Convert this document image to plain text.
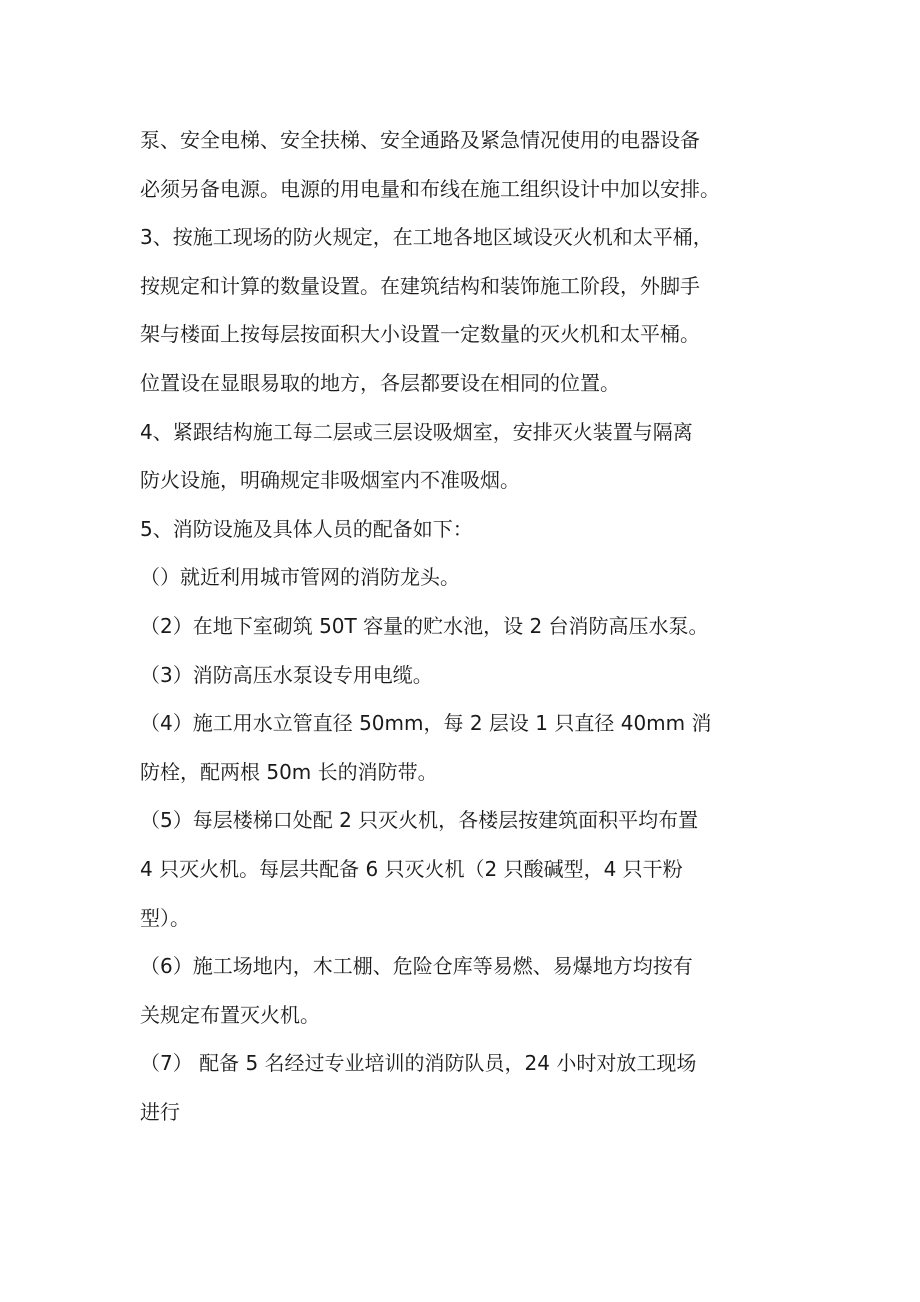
泵、安全电梯、安全扶梯、安全通路及紧急情况使用的电器设备
必须另备电源。电源的用电量和布线在施工组织设计中加以安排。
3、按施工现场的防火规定，在工地各地区域设灭火机和太平桶，
按规定和计算的数量设置。在建筑结构和装饰施工阶段，外脚手
架与楼面上按每层按面积大小设置一定数量的灭火机和太平桶。
位置设在显眼易取的地方，各层都要设在相同的位置。
4、紧跟结构施工每二层或三层设吸烟室，安排灭火装置与隔离
防火设施，明确规定非吸烟室内不准吸烟。
5、消防设施及具体人员的配备如下：
（）就近利用城市管网的消防龙头。
（2）在地下室砌筑 50T 容量的贮水池，设 2 台消防高压水泵。
（3）消防高压水泵设专用电缆。
（4）施工用水立管直径 50mm，每 2 层设 1 只直径 40mm 消
防栓，配两根 50m 长的消防带。
（5）每层楼梯口处配 2 只灭火机，各楼层按建筑面积平均布置
4 只灭火机。每层共配备 6 只灭火机（2 只酸碱型，4 只干粉
型）。
（6）施工场地内，木工棚、危险仓库等易燃、易爆地方均按有
关规定布置灭火机。
（7） 配备 5 名经过专业培训的消防队员，24 小时对放工现场
进行
